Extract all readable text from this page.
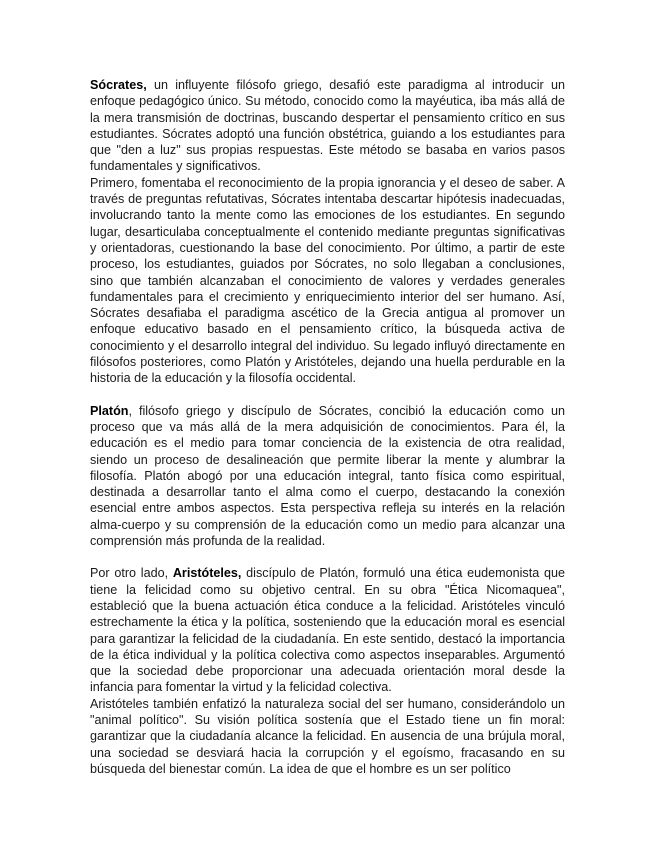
Sócrates, un influyente filósofo griego, desafió este paradigma al introducir un enfoque pedagógico único. Su método, conocido como la mayéutica, iba más allá de la mera transmisión de doctrinas, buscando despertar el pensamiento crítico en sus estudiantes. Sócrates adoptó una función obstétrica, guiando a los estudiantes para que "den a luz" sus propias respuestas. Este método se basaba en varios pasos fundamentales y significativos.

Primero, fomentaba el reconocimiento de la propia ignorancia y el deseo de saber. A través de preguntas refutativas, Sócrates intentaba descartar hipótesis inadecuadas, involucrando tanto la mente como las emociones de los estudiantes. En segundo lugar, desarticulaba conceptualmente el contenido mediante preguntas significativas y orientadoras, cuestionando la base del conocimiento. Por último, a partir de este proceso, los estudiantes, guiados por Sócrates, no solo llegaban a conclusiones, sino que también alcanzaban el conocimiento de valores y verdades generales fundamentales para el crecimiento y enriquecimiento interior del ser humano. Así, Sócrates desafiaba el paradigma ascético de la Grecia antigua al promover un enfoque educativo basado en el pensamiento crítico, la búsqueda activa de conocimiento y el desarrollo integral del individuo. Su legado influyó directamente en filósofos posteriores, como Platón y Aristóteles, dejando una huella perdurable en la historia de la educación y la filosofía occidental.

Platón, filósofo griego y discípulo de Sócrates, concibió la educación como un proceso que va más allá de la mera adquisición de conocimientos. Para él, la educación es el medio para tomar conciencia de la existencia de otra realidad, siendo un proceso de desalineación que permite liberar la mente y alumbrar la filosofía. Platón abogó por una educación integral, tanto física como espiritual, destinada a desarrollar tanto el alma como el cuerpo, destacando la conexión esencial entre ambos aspectos. Esta perspectiva refleja su interés en la relación alma-cuerpo y su comprensión de la educación como un medio para alcanzar una comprensión más profunda de la realidad.

Por otro lado, Aristóteles, discípulo de Platón, formuló una ética eudemonista que tiene la felicidad como su objetivo central. En su obra "Ética Nicomaquea", estableció que la buena actuación ética conduce a la felicidad. Aristóteles vinculó estrechamente la ética y la política, sosteniendo que la educación moral es esencial para garantizar la felicidad de la ciudadanía. En este sentido, destacó la importancia de la ética individual y la política colectiva como aspectos inseparables. Argumentó que la sociedad debe proporcionar una adecuada orientación moral desde la infancia para fomentar la virtud y la felicidad colectiva.

Aristóteles también enfatizó la naturaleza social del ser humano, considerándolo un "animal político". Su visión política sostenía que el Estado tiene un fin moral: garantizar que la ciudadanía alcance la felicidad. En ausencia de una brújula moral, una sociedad se desviará hacia la corrupción y el egoísmo, fracasando en su búsqueda del bienestar común. La idea de que el hombre es un ser político
